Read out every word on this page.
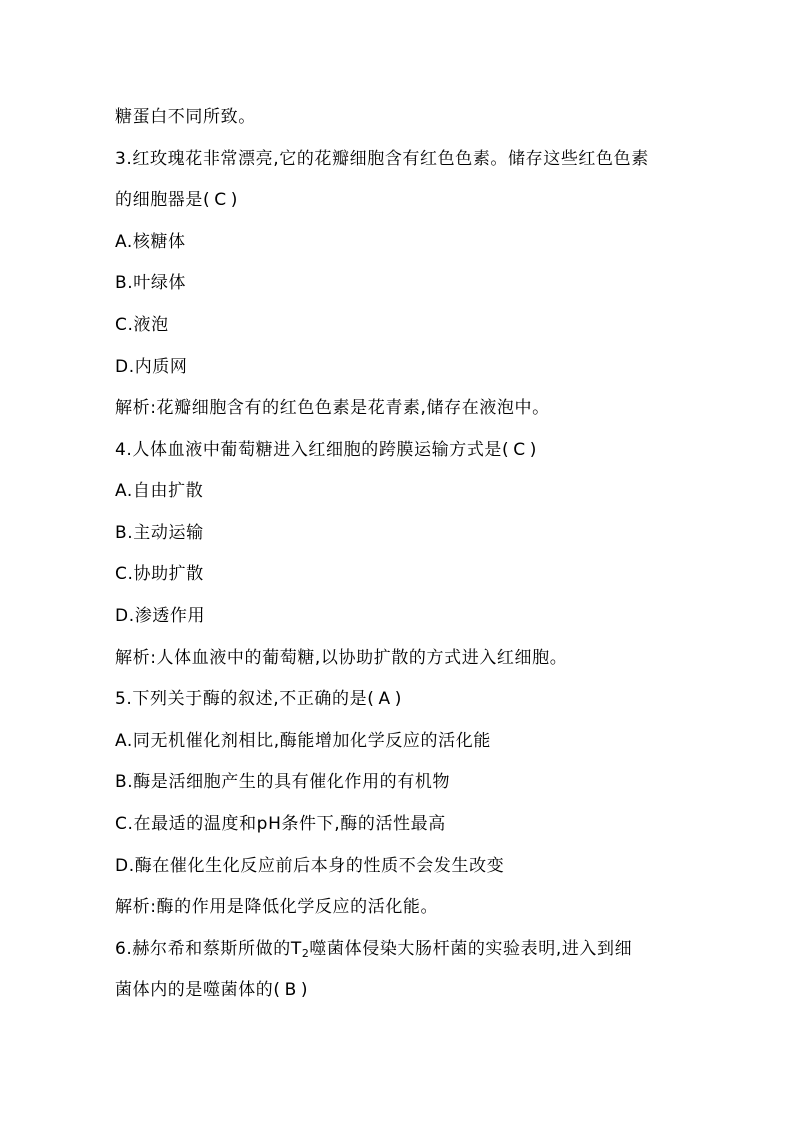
糖蛋白不同所致。
3.红玫瑰花非常漂亮,它的花瓣细胞含有红色色素。储存这些红色色素
的细胞器是( C )
A.核糖体
B.叶绿体
C.液泡
D.内质网
解析:花瓣细胞含有的红色色素是花青素,储存在液泡中。
4.人体血液中葡萄糖进入红细胞的跨膜运输方式是( C )
A.自由扩散
B.主动运输
C.协助扩散
D.渗透作用
解析:人体血液中的葡萄糖,以协助扩散的方式进入红细胞。
5.下列关于酶的叙述,不正确的是( A )
A.同无机催化剂相比,酶能增加化学反应的活化能
B.酶是活细胞产生的具有催化作用的有机物
C.在最适的温度和pH条件下,酶的活性最高
D.酶在催化生化反应前后本身的性质不会发生改变
解析:酶的作用是降低化学反应的活化能。
6.赫尔希和蔡斯所做的$T_2$噬菌体侵染大肠杆菌的实验表明,进入到细
菌体内的是噬菌体的( B )
